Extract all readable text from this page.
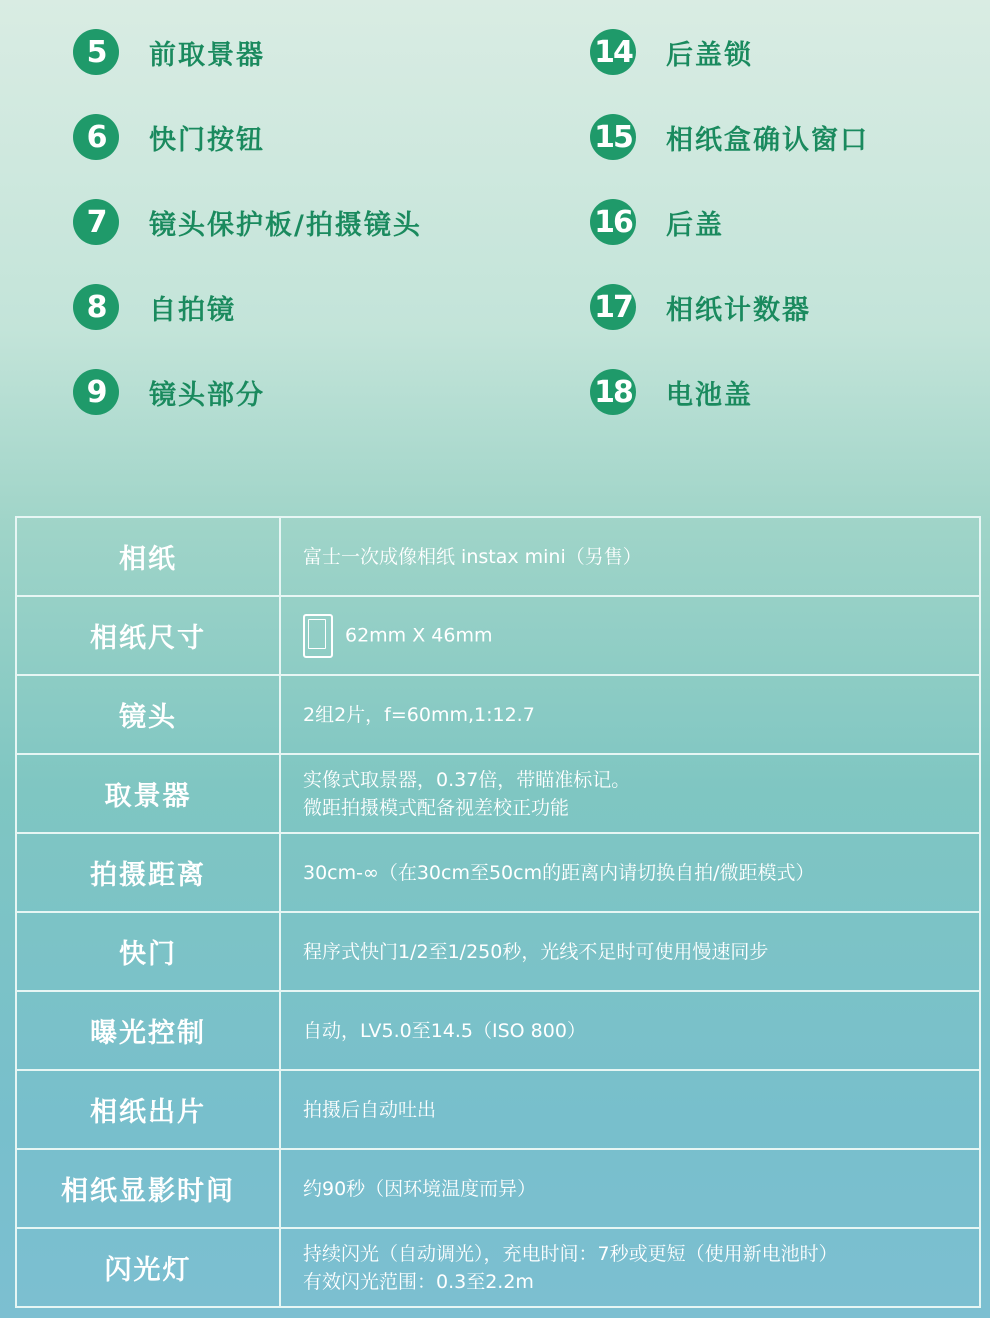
5	前取景器
6	快门按钮
7	镜头保护板/拍摄镜头
8	自拍镜
9	镜头部分
14 后盖锁
15 相纸盒确认窗口
16 后盖
17 相纸计数器
18 电池盖
相纸	富士一次成像相纸 instax mini（另售）

相纸尺寸	62mm X 46mm
镜头	2组2片，f=60mm,1:12.7

取景器	实像式取景器，0.37倍，带瞄准标记。
微距拍摄模式配备视差校正功能

拍摄距离	30cm-∞（在30cm至50cm的距离内请切换自拍/微距模式）

快门	程序式快门1/2至1/250秒，光线不足时可使用慢速同步

曝光控制	自动，LV5.0至14.5（ISO 800）

相纸出片	拍摄后自动吐出

相纸显影时间	约90秒（因环境温度而异）

闪光灯	持续闪光（自动调光），充电时间：7秒或更短（使用新电池时）
有效闪光范围：0.3至2.2m
